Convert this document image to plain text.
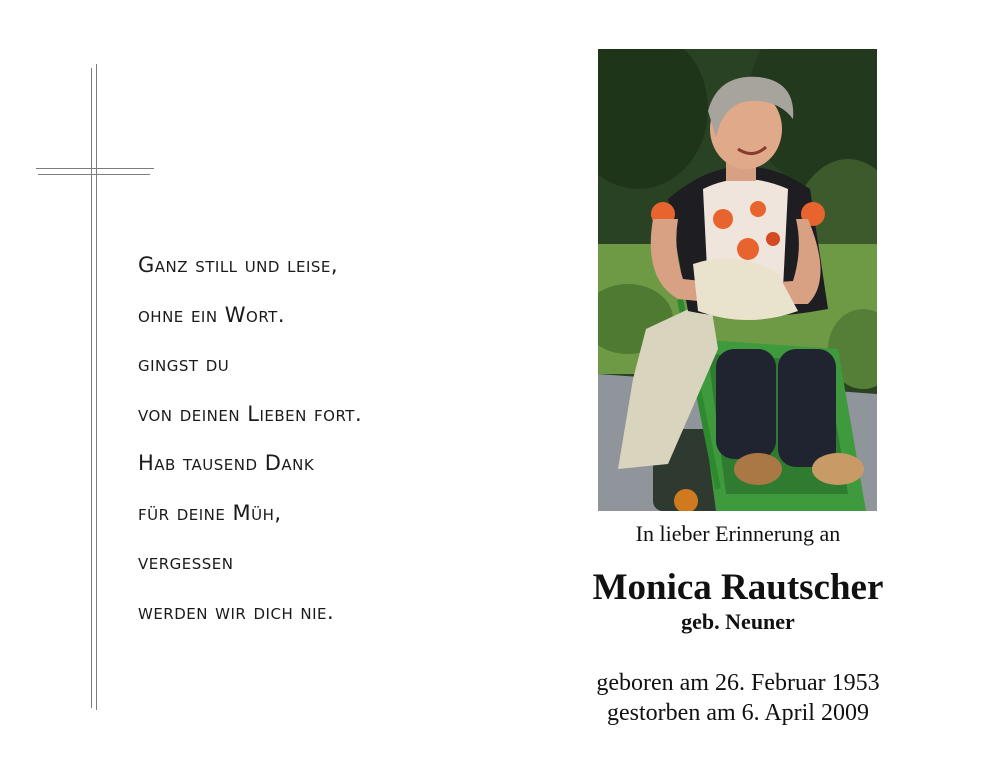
Ganz still und leise,
ohne ein Wort.
gingst du
von deinen Lieben fort.
Hab tausend Dank
für deine Müh,
vergessen
werden wir dich nie.
In lieber Erinnerung an
Monica Rautscher
geb. Neuner
geboren am 26. Februar 1953
gestorben am 6. April 2009
